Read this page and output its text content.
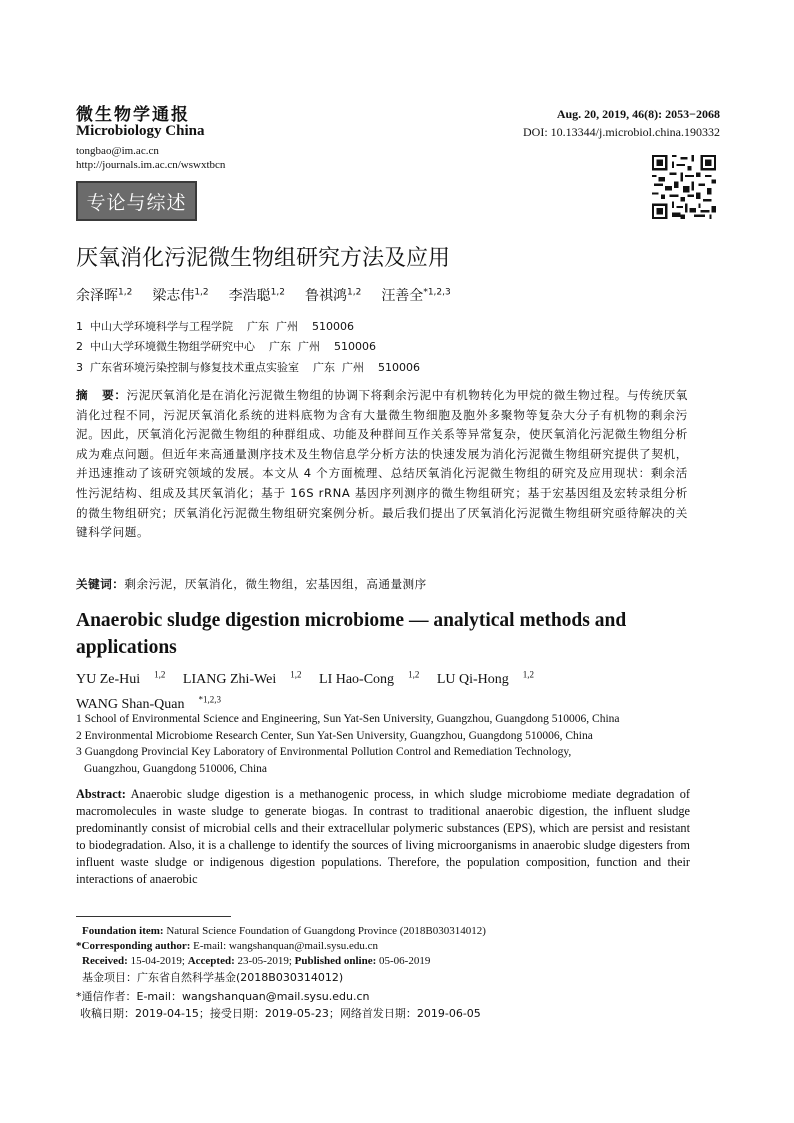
微生物学通报
Microbiology China
tongbao@im.ac.cn
http://journals.im.ac.cn/wswxtbcn
Aug. 20, 2019, 46(8): 2053−2068
DOI: 10.13344/j.microbiol.china.190332
专论与综述
厌氧消化污泥微生物组研究方法及应用
余泽晖$^{1,2}$ 梁志伟$^{1,2}$ 李浩聪$^{1,2}$ 鲁祺鸿$^{1,2}$ 汪善全$^{*1,2,3}$
1  中山大学环境科学与工程学院    广东  广州    510006
2  中山大学环境微生物组学研究中心    广东  广州    510006
3  广东省环境污染控制与修复技术重点实验室    广东  广州    510006
摘   要：污泥厌氧消化是在消化污泥微生物组的协调下将剩余污泥中有机物转化为甲烷的微生物过程。与传统厌氧消化过程不同，污泥厌氧消化系统的进料底物为含有大量微生物细胞及胞外多聚物等复杂大分子有机物的剩余污泥。因此，厌氧消化污泥微生物组的种群组成、功能及种群间互作关系等异常复杂，使厌氧消化污泥微生物组分析成为难点问题。但近年来高通量测序技术及生物信息学分析方法的快速发展为消化污泥微生物组研究提供了契机，并迅速推动了该研究领域的发展。本文从 4 个方面梳理、总结厌氧消化污泥微生物组的研究及应用现状：剩余活性污泥结构、组成及其厌氧消化；基于 16S rRNA 基因序列测序的微生物组研究；基于宏基因组及宏转录组分析的微生物组研究；厌氧消化污泥微生物组研究案例分析。最后我们提出了厌氧消化污泥微生物组研究亟待解决的关键科学问题。
关键词：剩余污泥，厌氧消化，微生物组，宏基因组，高通量测序
Anaerobic sludge digestion microbiome — analytical methods and applications
YU Ze-Hui $^{1,2}$ LIANG Zhi-Wei $^{1,2}$ LI Hao-Cong $^{1,2}$ LU Qi-Hong $^{1,2}$
WANG Shan-Quan $^{*1,2,3}$
1 School of Environmental Science and Engineering, Sun Yat-Sen University, Guangzhou, Guangdong 510006, China
2 Environmental Microbiome Research Center, Sun Yat-Sen University, Guangzhou, Guangdong 510006, China
3 Guangdong Provincial Key Laboratory of Environmental Pollution Control and Remediation Technology,
Guangzhou, Guangdong 510006, China
Abstract: Anaerobic sludge digestion is a methanogenic process, in which sludge microbiome mediate degradation of macromolecules in waste sludge to generate biogas. In contrast to traditional anaerobic digestion, the influent sludge predominantly consist of microbial cells and their extracellular polymeric substances (EPS), which are persist and resistant to biodegradation. Also, it is a challenge to identify the sources of living microorganisms in anaerobic sludge digesters from influent waste sludge or indigenous digestion populations. Therefore, the population composition, function and their interactions of anaerobic
Foundation item: Natural Science Foundation of Guangdong Province (2018B030314012)
*Corresponding author: E-mail: wangshanquan@mail.sysu.edu.cn
Received: 15-04-2019; Accepted: 23-05-2019; Published online: 05-06-2019
基金项目：广东省自然科学基金(2018B030314012)
*通信作者：E-mail：wangshanquan@mail.sysu.edu.cn
收稿日期：2019-04-15；接受日期：2019-05-23；网络首发日期：2019-06-05
